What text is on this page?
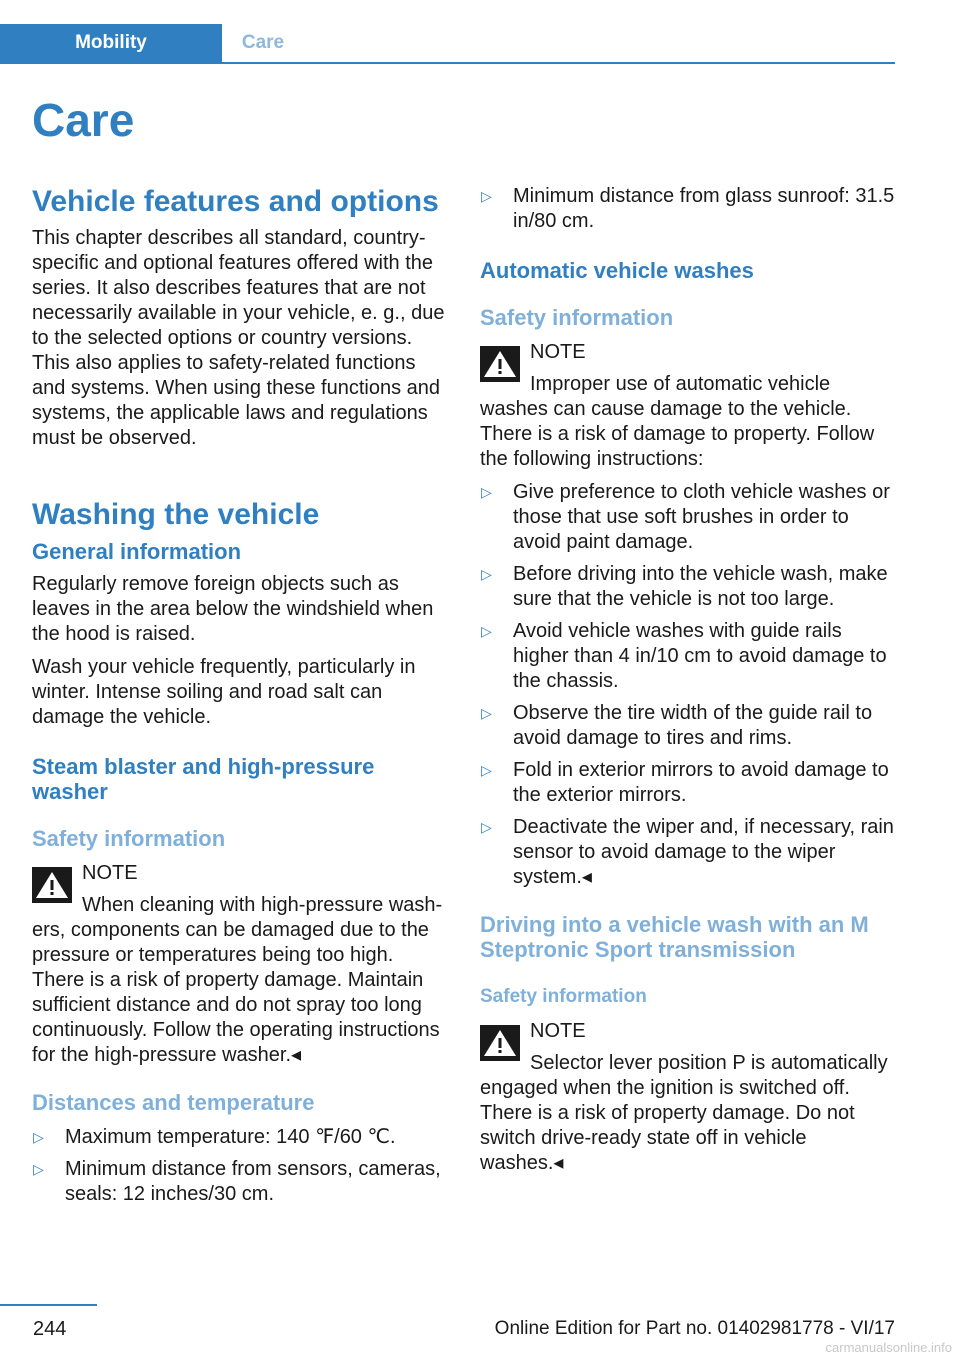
Mobility	Care
Care
Vehicle features and options

This chapter describes all standard, country-specific and optional features offered with the series. It also describes features that are not necessarily available in your vehicle, e. g., due to the selected options or country versions. This also applies to safety-related functions and systems. When using these functions and systems, the applicable laws and regulations must be observed.

Washing the vehicle
General information

Regularly remove foreign objects such as leaves in the area below the windshield when the hood is raised.

Wash your vehicle frequently, particularly in winter. Intense soiling and road salt can damage the vehicle.

Steam blaster and high-pressure washer
Safety information
NOTE
When cleaning with high-pressure wash-
ers, components can be damaged due to the pressure or temperatures being too high. There is a risk of property damage. Maintain sufficient distance and do not spray too long continuously. Follow the operating instructions for the high-pressure washer.◂
Distances and temperature
▷ Maximum temperature: 140 ℉/60 ℃.
▷ Minimum distance from sensors, cameras, seals: 12 inches/30 cm.
▷ Minimum distance from glass sunroof: 31.5 in/80 cm.
Automatic vehicle washes
Safety information
NOTE
Improper use of automatic vehicle
washes can cause damage to the vehicle. There is a risk of damage to property. Follow the following instructions:
▷ Give preference to cloth vehicle washes or those that use soft brushes in order to avoid paint damage.
▷ Before driving into the vehicle wash, make sure that the vehicle is not too large.
▷ Avoid vehicle washes with guide rails higher than 4 in/10 cm to avoid damage to the chassis.
▷ Observe the tire width of the guide rail to avoid damage to tires and rims.
▷ Fold in exterior mirrors to avoid damage to the exterior mirrors.
▷ Deactivate the wiper and, if necessary, rain sensor to avoid damage to the wiper system.◂
Driving into a vehicle wash with an M Steptronic Sport transmission
Safety information
NOTE
Selector lever position P is automatically
engaged when the ignition is switched off. There is a risk of property damage. Do not switch drive-ready state off in vehicle washes.◂
244	Online Edition for Part no. 01402981778 - VI/17
carmanualsonline.info
